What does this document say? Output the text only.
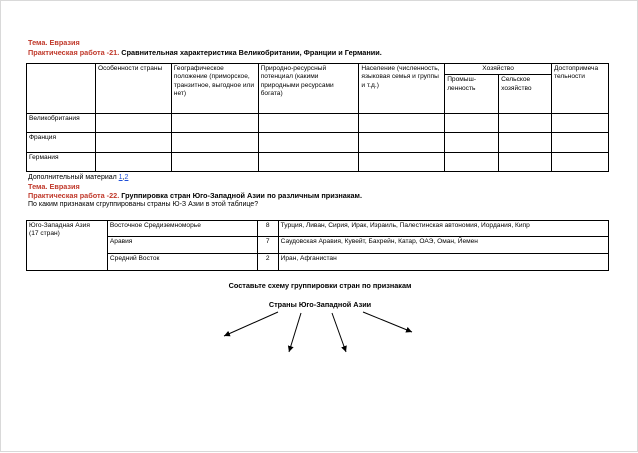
Тема. Евразия
Практическая работа -21. Сравнительная характеристика Великобритании, Франции и Германии.
	Особенности страны	Географическое положение (приморское, транзитное, выгодное или нет)	Природно-ресурсный потенциал (какими природными ресурсами богата)	Население (численность, языковая семья и группы и т.д.)	Хозяйство		Достопримеча тельности
					Промыш-ленность	Сельское хозяйство	
Великобритания							
Франция							
Германия							
Дополнительный материал 1,2
Тема. Евразия
Практическая работа -22. Группировка стран Юго-Западной Азии по различным признакам.
По каким признакам сгруппированы страны Ю-З Азии в этой таблице?
Юго-Западная Азия
(17 стран)	Восточное Средиземноморье	8	Турция, Ливан, Сирия, Ирак, Израиль, Палестинская автономия, Иордания, Кипр
	Аравия	7	Саудовская Аравия, Кувейт, Бахрейн, Катар, ОАЭ, Оман, Йемен
	Средний Восток	2	Иран, Афганистан
Составьте схему группировки стран по признакам
Страны Юго-Западной Азии
